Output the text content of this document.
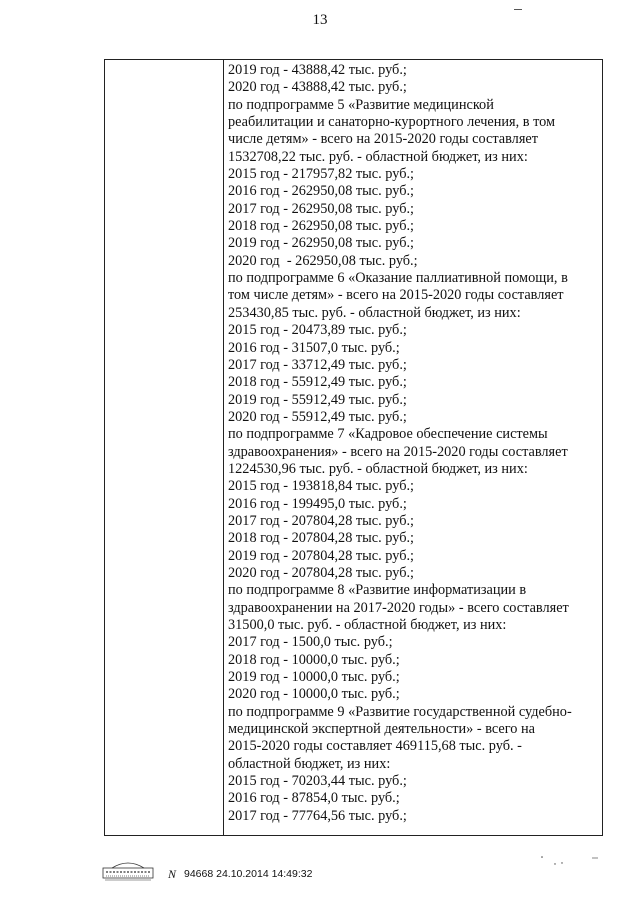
13
2019 год - 43888,42 тыс. руб.;
2020 год - 43888,42 тыс. руб.;
по подпрограмме 5 «Развитие медицинской
реабилитации и санаторно-курортного лечения, в том
числе детям» - всего на 2015-2020 годы составляет
1532708,22 тыс. руб. - областной бюджет, из них:
2015 год - 217957,82 тыс. руб.;
2016 год - 262950,08 тыс. руб.;
2017 год - 262950,08 тыс. руб.;
2018 год - 262950,08 тыс. руб.;
2019 год - 262950,08 тыс. руб.;
2020 год  - 262950,08 тыс. руб.;
по подпрограмме 6 «Оказание паллиативной помощи, в
том числе детям» - всего на 2015-2020 годы составляет
253430,85 тыс. руб. - областной бюджет, из них:
2015 год - 20473,89 тыс. руб.;
2016 год - 31507,0 тыс. руб.;
2017 год - 33712,49 тыс. руб.;
2018 год - 55912,49 тыс. руб.;
2019 год - 55912,49 тыс. руб.;
2020 год - 55912,49 тыс. руб.;
по подпрограмме 7 «Кадровое обеспечение системы
здравоохранения» - всего на 2015-2020 годы составляет
1224530,96 тыс. руб. - областной бюджет, из них:
2015 год - 193818,84 тыс. руб.;
2016 год - 199495,0 тыс. руб.;
2017 год - 207804,28 тыс. руб.;
2018 год - 207804,28 тыс. руб.;
2019 год - 207804,28 тыс. руб.;
2020 год - 207804,28 тыс. руб.;
по подпрограмме 8 «Развитие информатизации в
здравоохранении на 2017-2020 годы» - всего составляет
31500,0 тыс. руб. - областной бюджет, из них:
2017 год - 1500,0 тыс. руб.;
2018 год - 10000,0 тыс. руб.;
2019 год - 10000,0 тыс. руб.;
2020 год - 10000,0 тыс. руб.;
по подпрограмме 9 «Развитие государственной судебно-
медицинской экспертной деятельности» - всего на
2015-2020 годы составляет 469115,68 тыс. руб. -
областной бюджет, из них:
2015 год - 70203,44 тыс. руб.;
2016 год - 87854,0 тыс. руб.;
2017 год - 77764,56 тыс. руб.;
N 94668 24.10.2014 14:49:32
